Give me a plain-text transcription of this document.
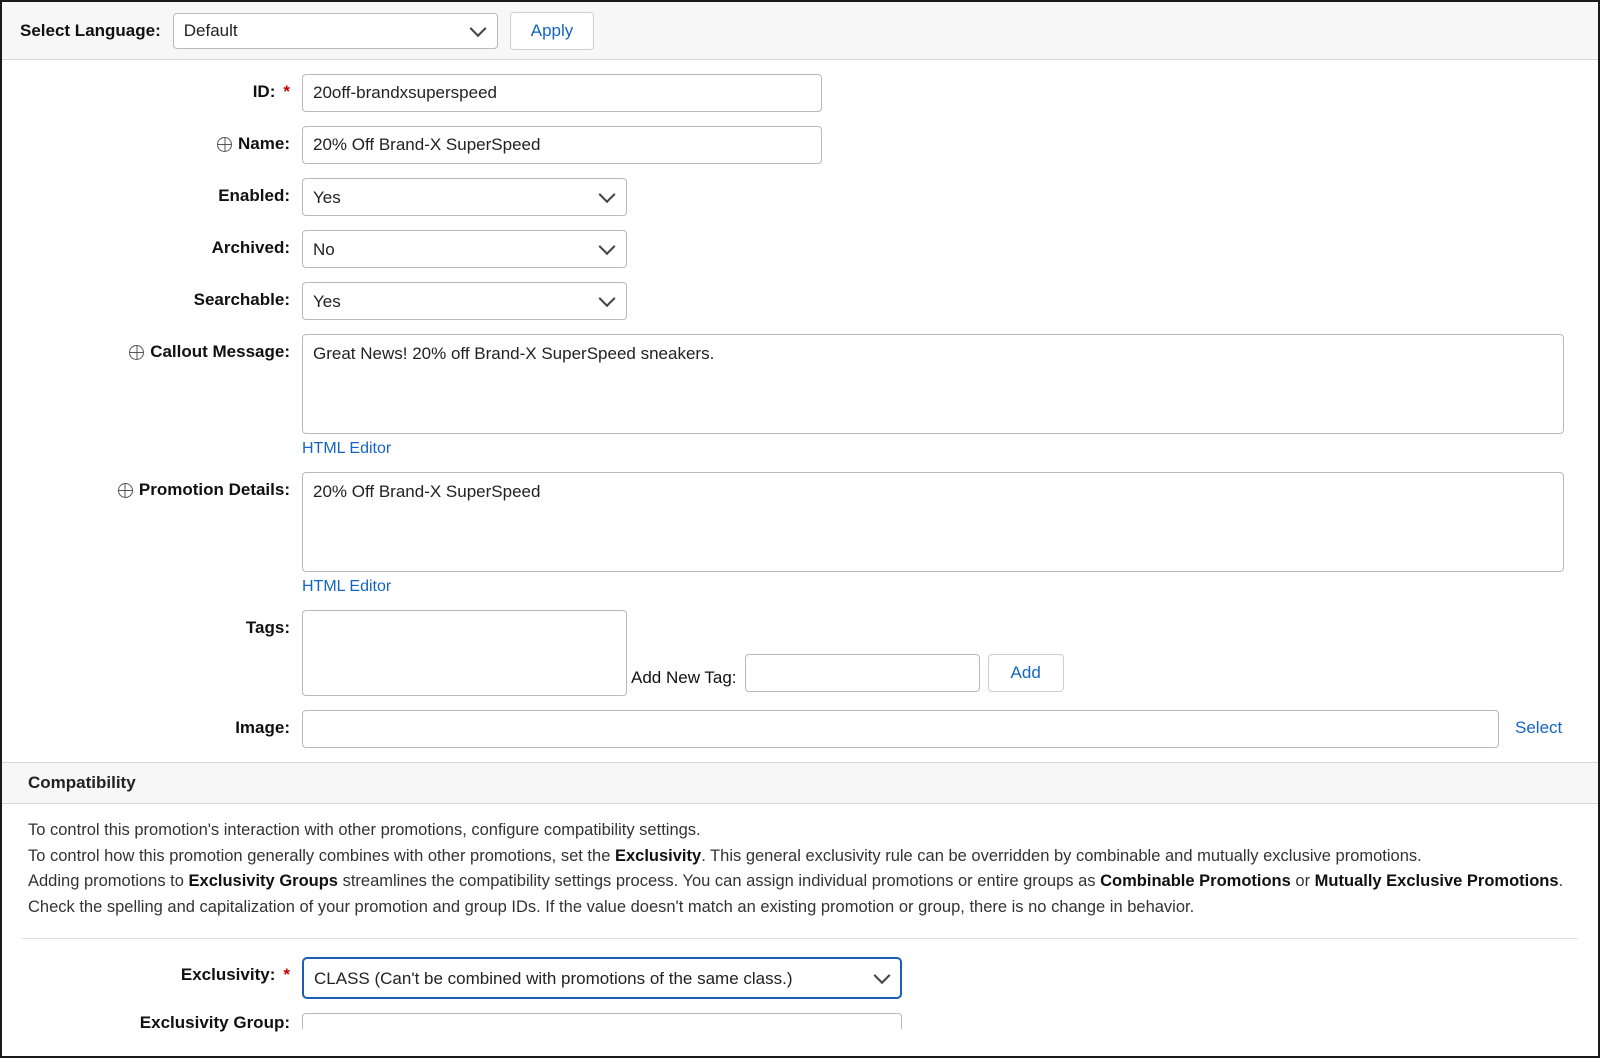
Select Language:
Default	Apply
ID: *
20off-brandxsuperspeed
Name:
20% Off Brand-X SuperSpeed
Enabled:
Yes
Archived:
No
Searchable:
Yes
Callout Message:
Great News! 20% off Brand-X SuperSpeed sneakers.
HTML Editor
Promotion Details:
20% Off Brand-X SuperSpeed
HTML Editor
Tags:
Add New Tag:	Add
Image:	Select
Compatibility
To control this promotion's interaction with other promotions, configure compatibility settings.
To control how this promotion generally combines with other promotions, set the Exclusivity. This general exclusivity rule can be overridden by combinable and mutually exclusive promotions.
Adding promotions to Exclusivity Groups streamlines the compatibility settings process. You can assign individual promotions or entire groups as Combinable Promotions or Mutually Exclusive Promotions. Check the spelling and capitalization of your promotion and group IDs. If the value doesn't match an existing promotion or group, there is no change in behavior.
Exclusivity: *
CLASS (Can't be combined with promotions of the same class.)
Exclusivity Group:
